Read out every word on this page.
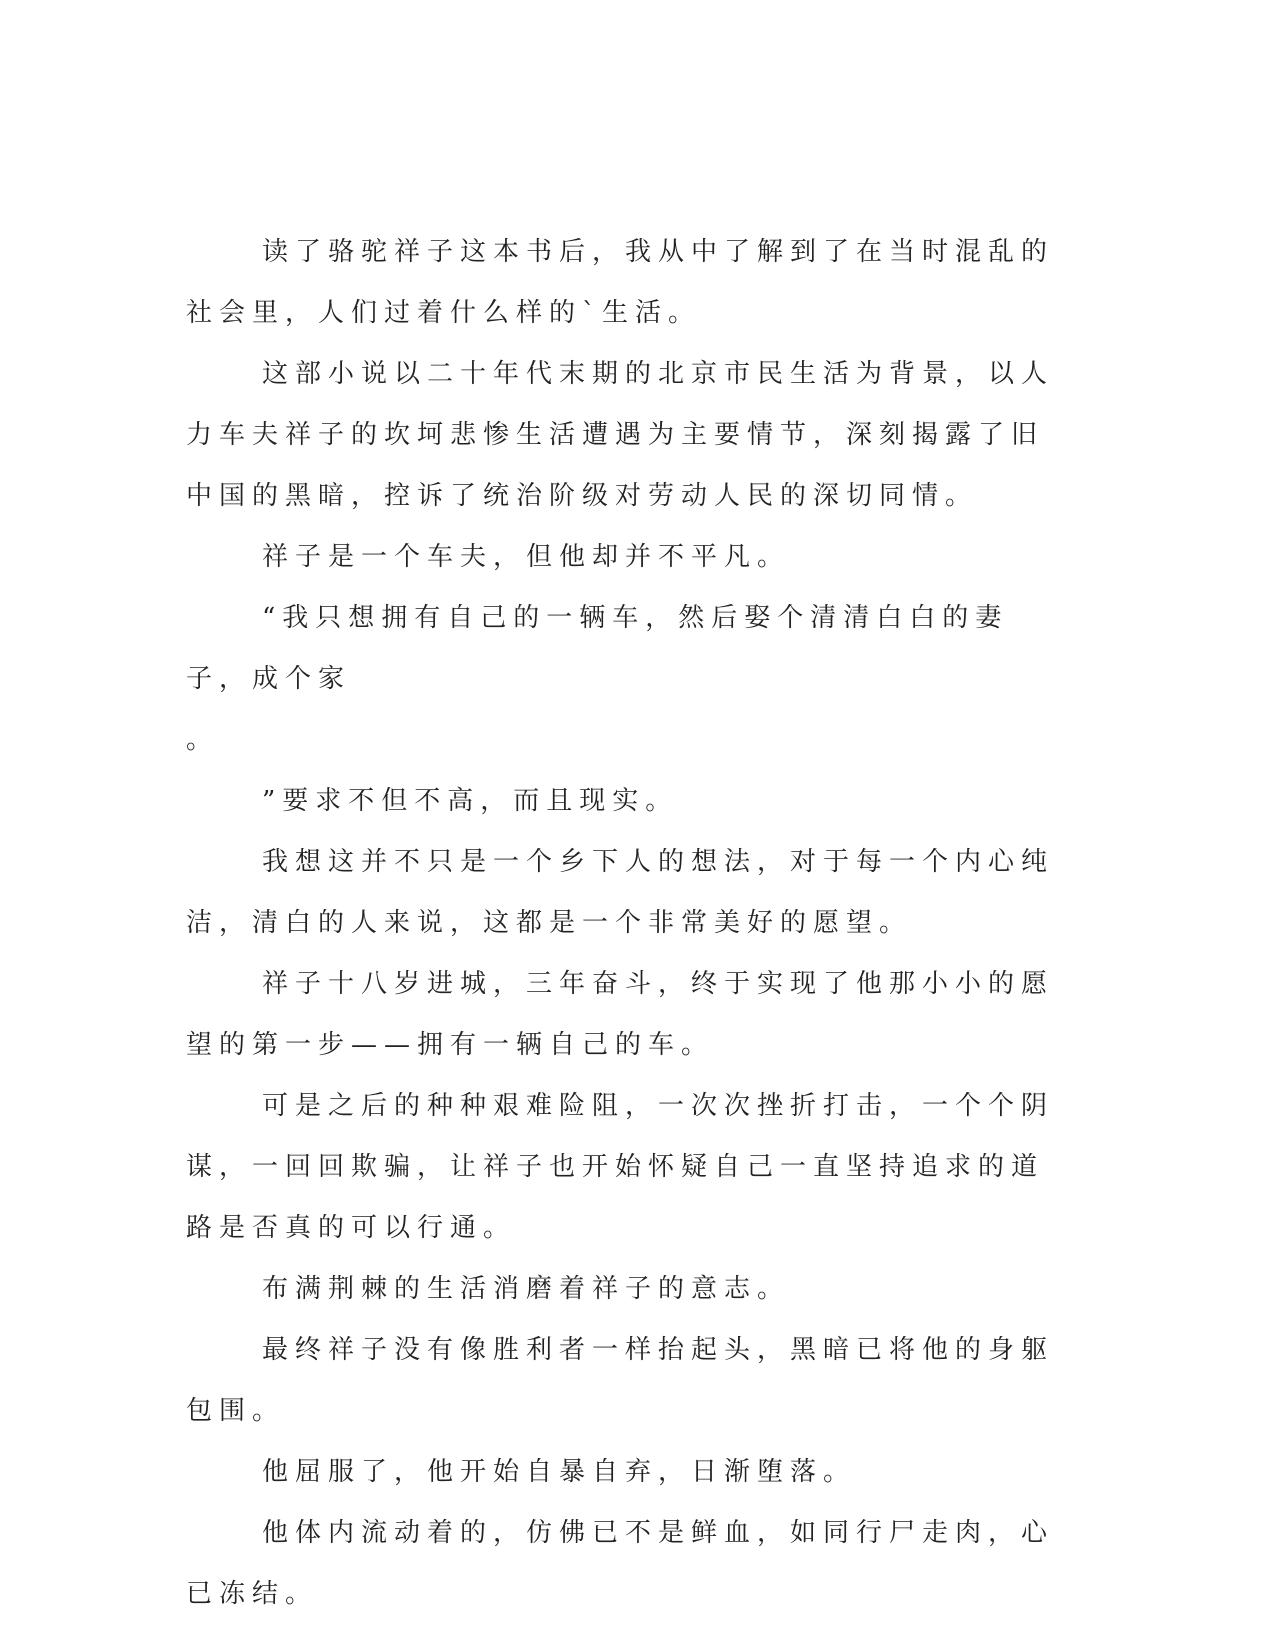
读了骆驼祥子这本书后，我从中了解到了在当时混乱的社会里，人们过着什么样的`生活。

这部小说以二十年代末期的北京市民生活为背景，以人力车夫祥子的坎坷悲惨生活遭遇为主要情节，深刻揭露了旧中国的黑暗，控诉了统治阶级对劳动人民的深切同情。

祥子是一个车夫，但他却并不平凡。

“我只想拥有自己的一辆车，然后娶个清清白白的妻子，成个家

。

”要求不但不高，而且现实。

我想这并不只是一个乡下人的想法，对于每一个内心纯洁，清白的人来说，这都是一个非常美好的愿望。

祥子十八岁进城，三年奋斗，终于实现了他那小小的愿望的第一步——拥有一辆自己的车。

可是之后的种种艰难险阻，一次次挫折打击，一个个阴谋，一回回欺骗，让祥子也开始怀疑自己一直坚持追求的道路是否真的可以行通。

布满荆棘的生活消磨着祥子的意志。

最终祥子没有像胜利者一样抬起头，黑暗已将他的身躯包围。

他屈服了，他开始自暴自弃，日渐堕落。

他体内流动着的，仿佛已不是鲜血，如同行尸走肉，心已冻结。
